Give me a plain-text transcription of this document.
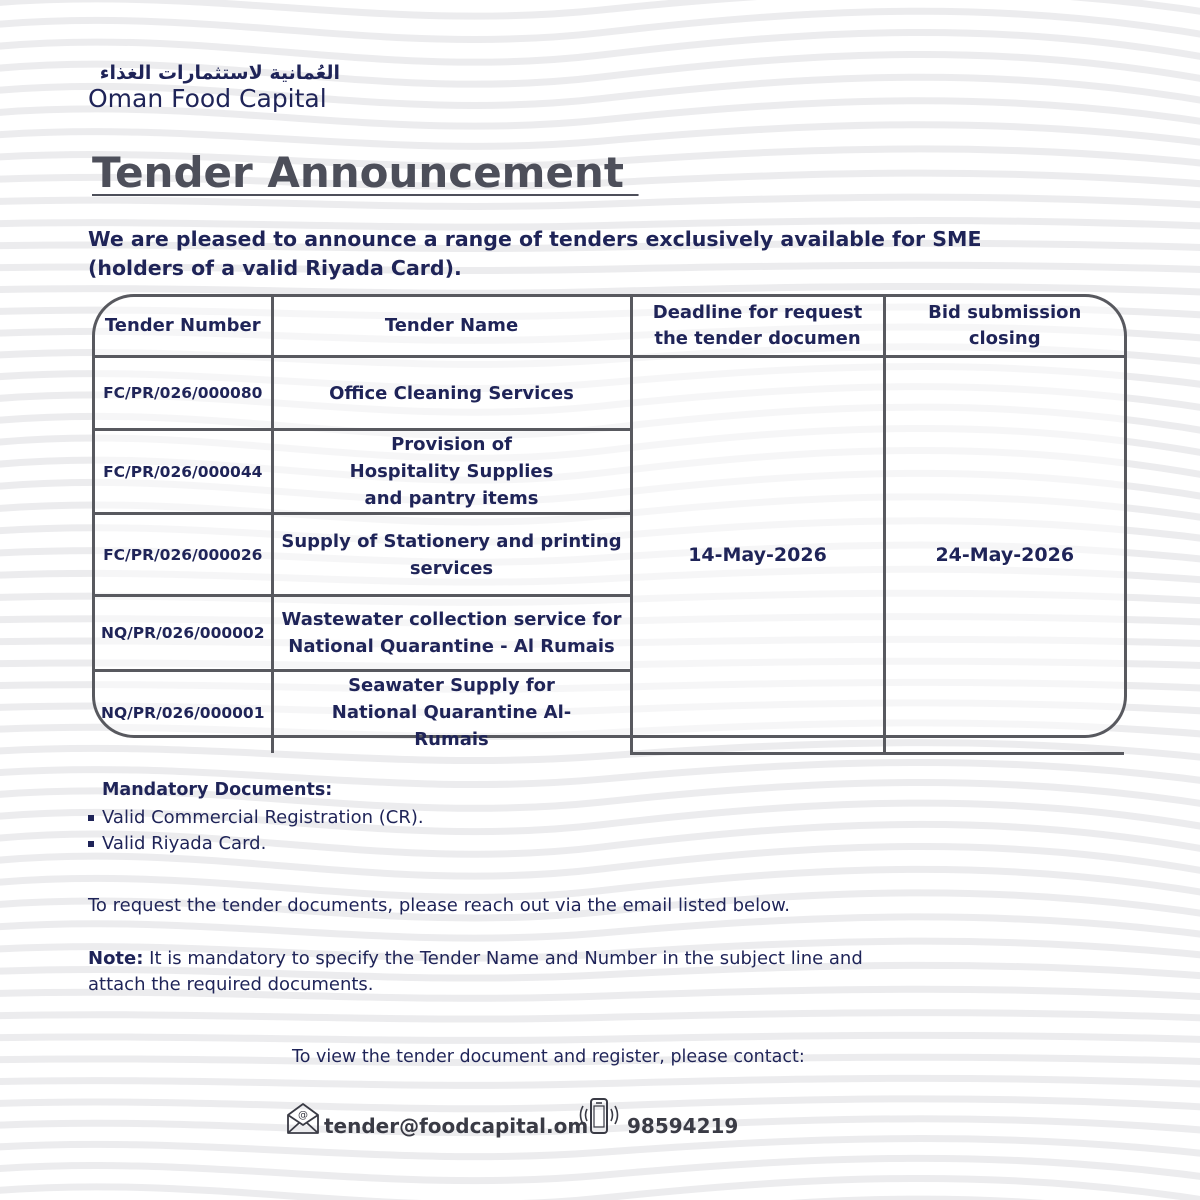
العُمانية لاستثمارات الغذاء
Oman Food Capital
Tender Announcement
We are pleased to announce a range of tenders exclusively available for SME
(holders of a valid Riyada Card).
Tender Number	Tender Name	Deadline for request the tender documen	Bid submission closing
FC/PR/026/000080	Office Cleaning Services	14-May-2026	24-May-2026
FC/PR/026/000044	Provision of Hospitality Supplies and pantry items		
FC/PR/026/000026	Supply of Stationery and printing services		
NQ/PR/026/000002	Wastewater collection service for National Quarantine - Al Rumais		
NQ/PR/026/000001	Seawater Supply for National Quarantine Al-Rumais		
Mandatory Documents:
Valid Commercial Registration (CR).
Valid Riyada Card.
To request the tender documents, please reach out via the email listed below.
Note: It is mandatory to specify the Tender Name and Number in the subject line and attach the required documents.
To view the tender document and register, please contact:
@ tender@foodcapital.om 98594219
